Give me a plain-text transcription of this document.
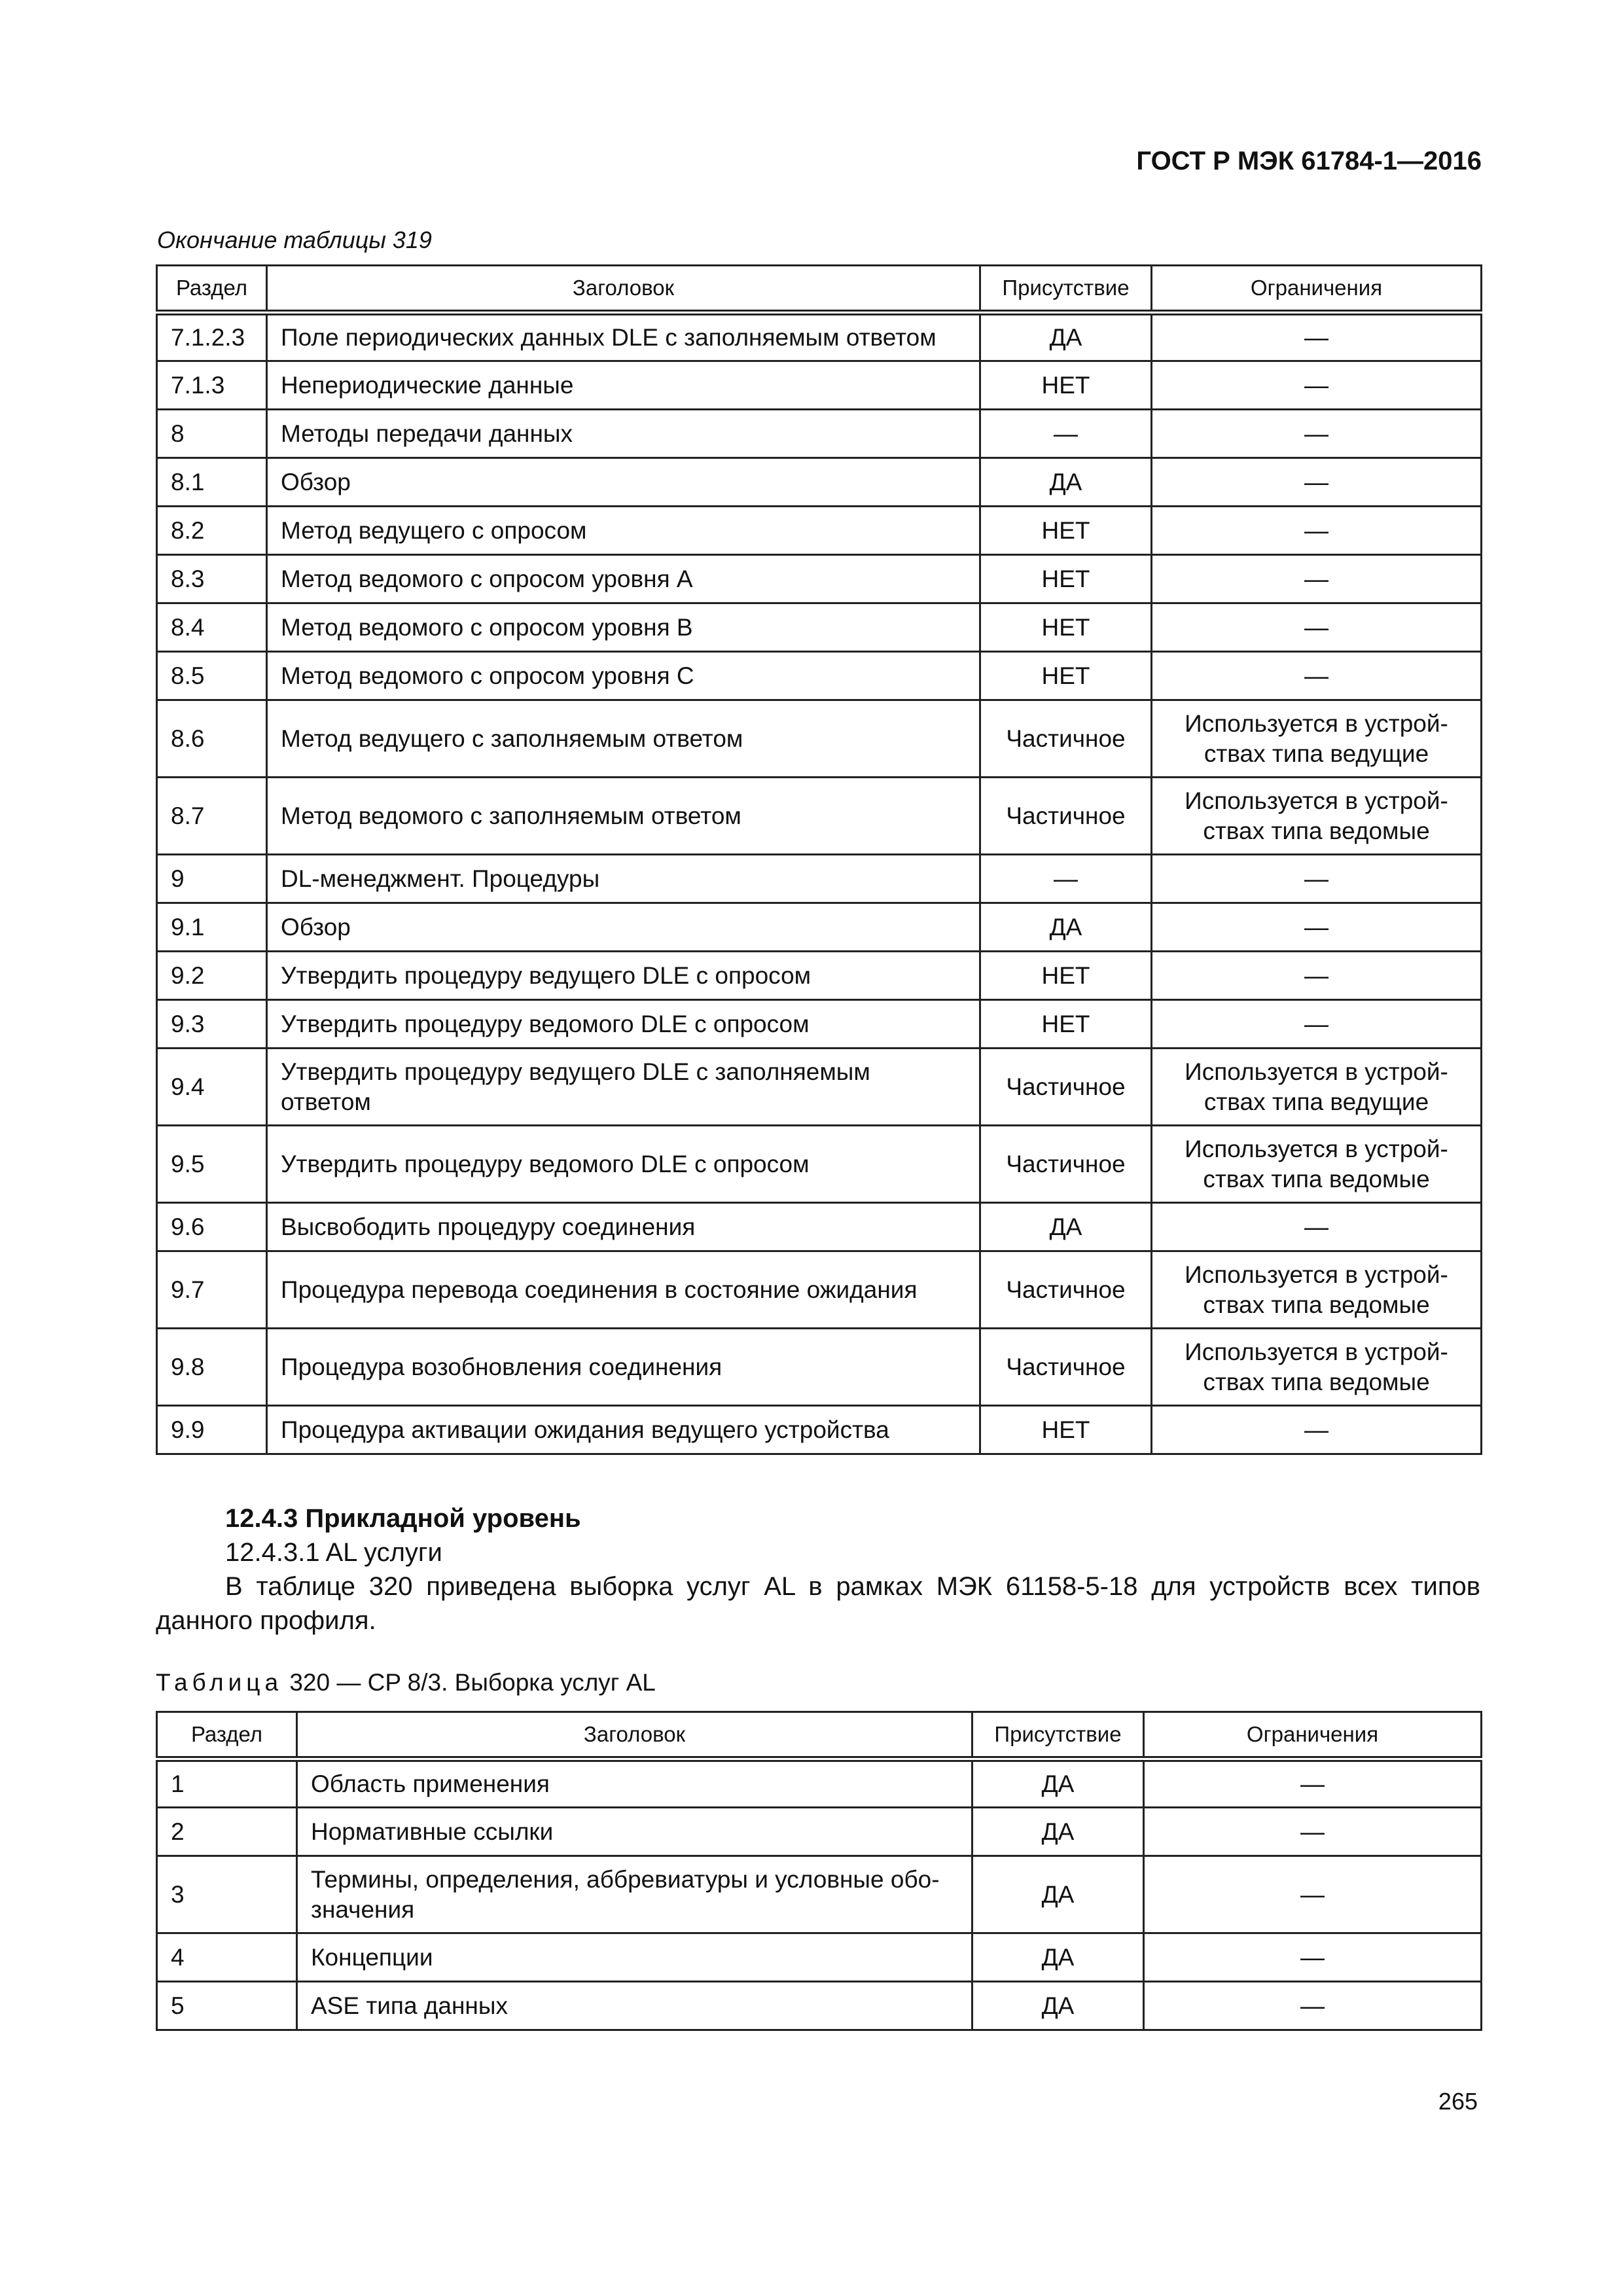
ГОСТ Р МЭК 61784-1—2016
Окончание таблицы 319
Раздел	Заголовок	Присутствие	Ограничения
7.1.2.3	Поле периодических данных DLE с заполняемым ответом	ДА	—
7.1.3	Непериодические данные	НЕТ	—
8	Методы передачи данных	—	—
8.1	Обзор	ДА	—
8.2	Метод ведущего с опросом	НЕТ	—
8.3	Метод ведомого с опросом уровня A	НЕТ	—
8.4	Метод ведомого с опросом уровня B	НЕТ	—
8.5	Метод ведомого с опросом уровня C	НЕТ	—
8.6	Метод ведущего с заполняемым ответом	Частичное	Используется в устрой-ствах типа ведущие
8.7	Метод ведомого с заполняемым ответом	Частичное	Используется в устрой-ствах типа ведомые
9	DL-менеджмент. Процедуры	—	—
9.1	Обзор	ДА	—
9.2	Утвердить процедуру ведущего DLE с опросом	НЕТ	—
9.3	Утвердить процедуру ведомого DLE с опросом	НЕТ	—
9.4	Утвердить процедуру ведущего DLE с заполняемым ответом	Частичное	Используется в устрой-ствах типа ведущие
9.5	Утвердить процедуру ведомого DLE с опросом	Частичное	Используется в устрой-ствах типа ведомые
9.6	Высвободить процедуру соединения	ДА	—
9.7	Процедура перевода соединения в состояние ожидания	Частичное	Используется в устрой-ствах типа ведомые
9.8	Процедура возобновления соединения	Частичное	Используется в устрой-ствах типа ведомые
9.9	Процедура активации ожидания ведущего устройства	НЕТ	—
12.4.3 Прикладной уровень
12.4.3.1 AL услуги
В таблице 320 приведена выборка услуг AL в рамках МЭК 61158-5-18 для устройств всех типов данного профиля.
Таблица 320 — CP 8/3. Выборка услуг AL
Раздел	Заголовок	Присутствие	Ограничения
1	Область применения	ДА	—
2	Нормативные ссылки	ДА	—
3	Термины, определения, аббревиатуры и условные обо-значения	ДА	—
4	Концепции	ДА	—
5	ASE типа данных	ДА	—
265
